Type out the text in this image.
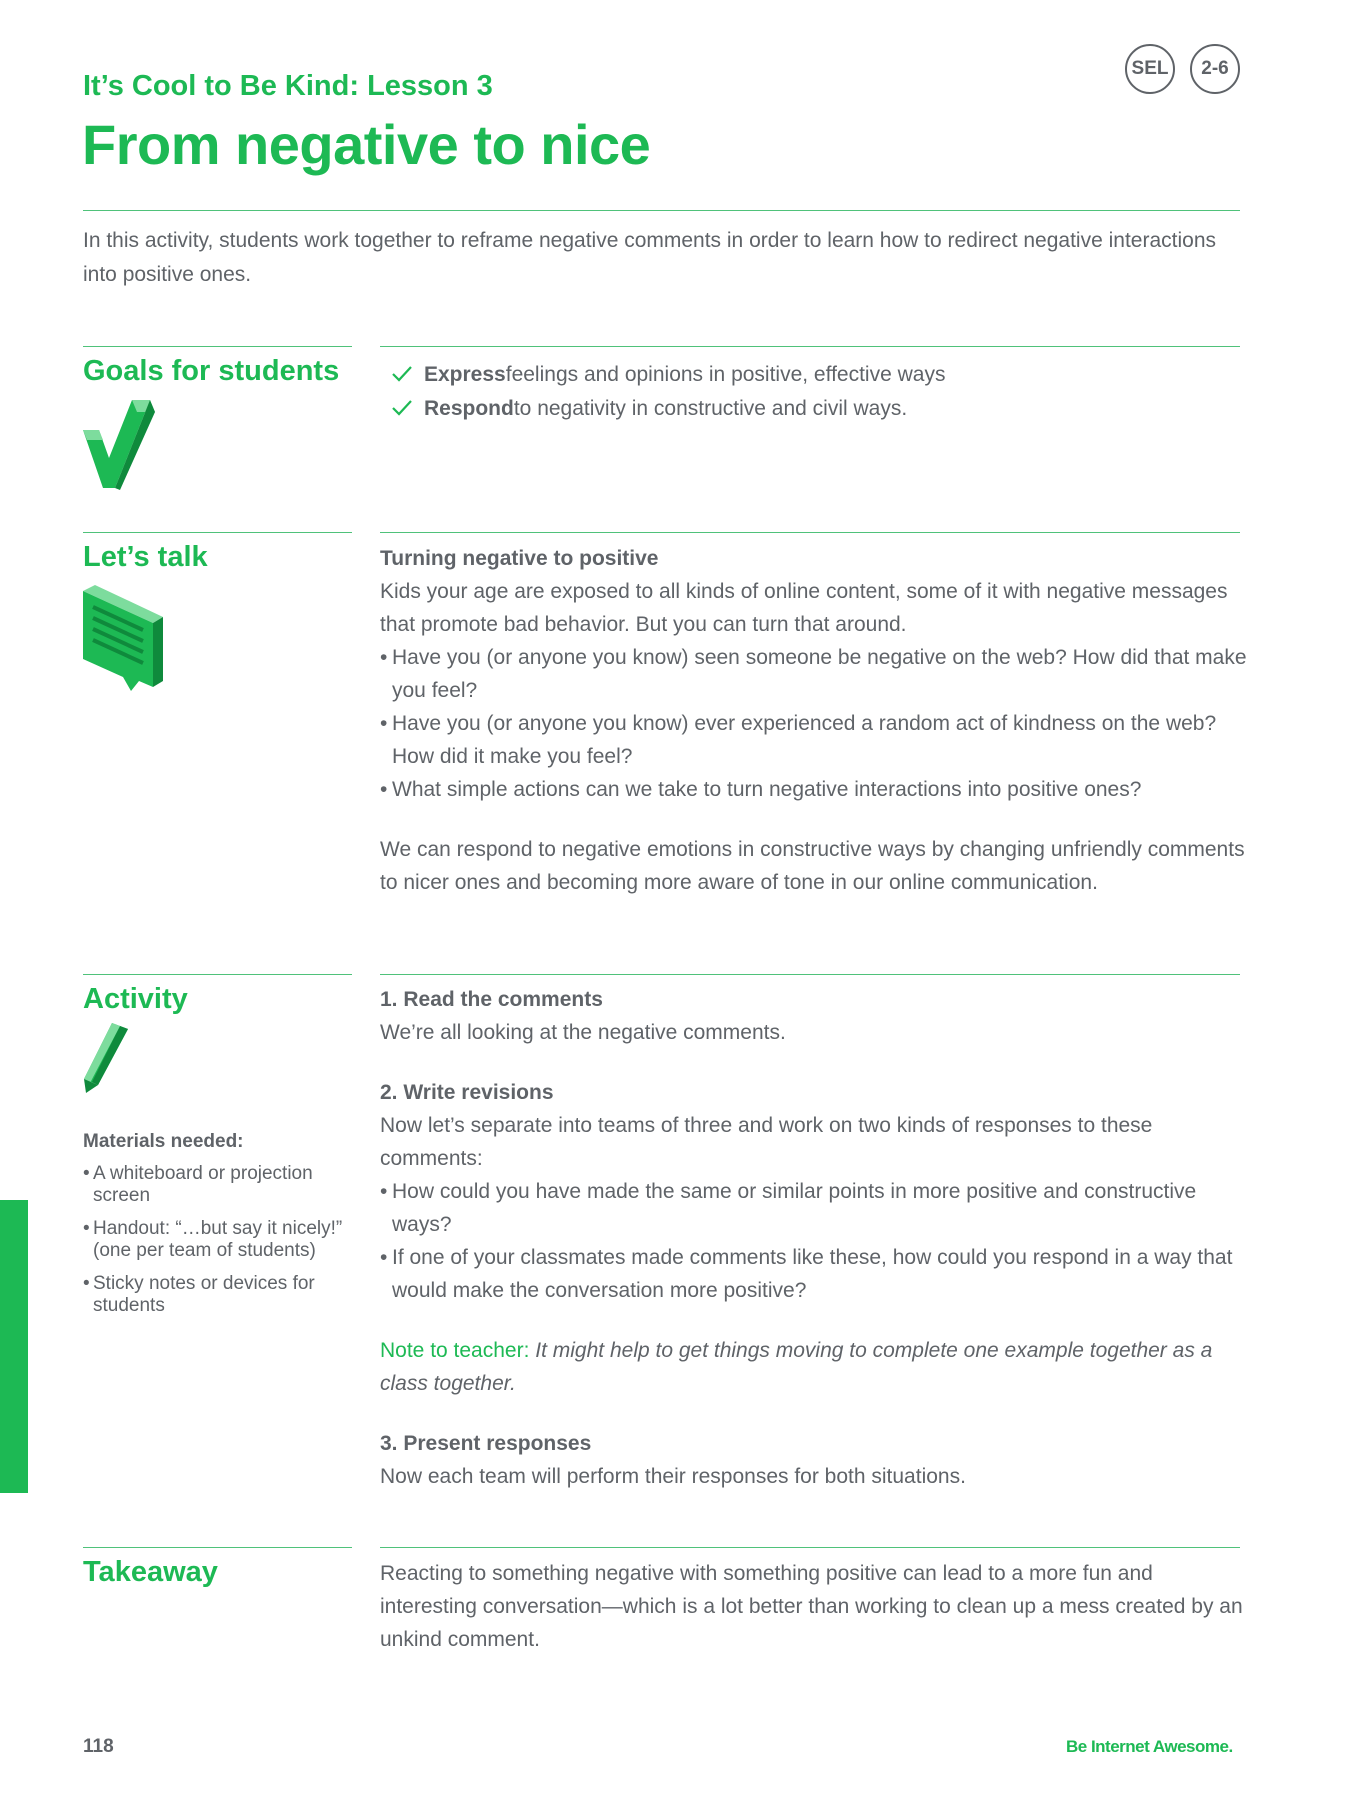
SEL	2-6
It’s Cool to Be Kind: Lesson 3
From negative to nice
In this activity, students work together to reframe negative comments in order to learn how to redirect negative interactions into positive ones.
Goals for students	Express feelings and opinions in positive, effective ways
Respond to negativity in constructive and civil ways.
Let’s talk	Turning negative to positive
Kids your age are exposed to all kinds of online content, some of it with negative messages that promote bad behavior. But you can turn that around.
• Have you (or anyone you know) seen someone be negative on the web? How did that make you feel?
• Have you (or anyone you know) ever experienced a random act of kindness on the web? How did it make you feel?
• What simple actions can we take to turn negative interactions into positive ones?
We can respond to negative emotions in constructive ways by changing unfriendly comments to nicer ones and becoming more aware of tone in our online communication.
Activity
Materials needed:
• A whiteboard or projection screen
• Handout: “…but say it nicely!” (one per team of students)
• Sticky notes or devices for students
1. Read the comments
We’re all looking at the negative comments.
2. Write revisions
Now let’s separate into teams of three and work on two kinds of responses to these comments:
• How could you have made the same or similar points in more positive and constructive ways?
• If one of your classmates made comments like these, how could you respond in a way that would make the conversation more positive?
Note to teacher: It might help to get things moving to complete one example together as a class together.
3. Present responses
Now each team will perform their responses for both situations.
Takeaway	Reacting to something negative with something positive can lead to a more fun and interesting conversation—which is a lot better than working to clean up a mess created by an unkind comment.
118	Be Internet Awesome.
